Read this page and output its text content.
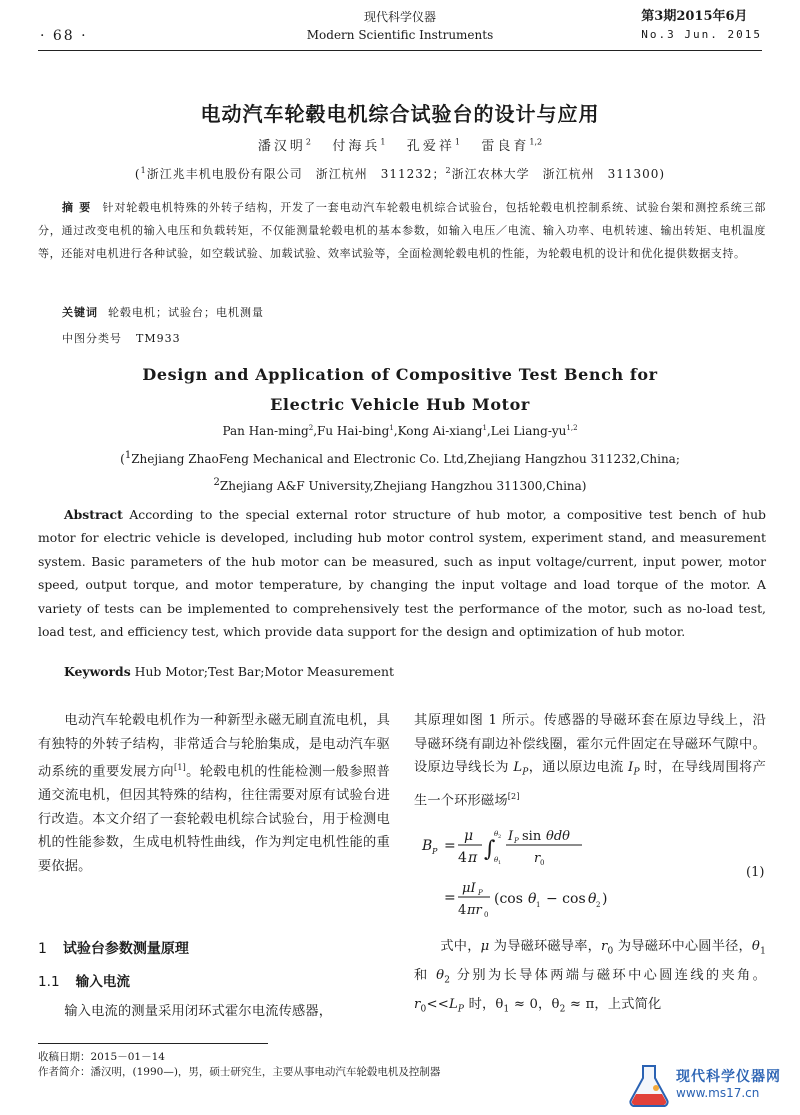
· 68 ·
现代科学仪器
Modern Scientific Instruments
第3期2015年6月
No.3 Jun. 2015
电动汽车轮毂电机综合试验台的设计与应用
潘汉明$^2$ 付海兵$^1$ 孔爱祥$^1$ 雷良育$^{1,2}$
($^1$浙江兆丰机电股份有限公司　浙江杭州　311232；$^2$浙江农林大学　浙江杭州　311300)
摘要 针对轮毂电机特殊的外转子结构，开发了一套电动汽车轮毂电机综合试验台，包括轮毂电机控制系统、试验台架和测控系统三部分，通过改变电机的输入电压和负载转矩，不仅能测量轮毂电机的基本参数，如输入电压／电流、输入功率、电机转速、输出转矩、电机温度等，还能对电机进行各种试验，如空载试验、加载试验、效率试验等，全面检测轮毂电机的性能，为轮毂电机的设计和优化提供数据支持。
关键词 轮毂电机；试验台；电机测量
中图分类号 TM933
Design and Application of Compositive Test Bench for
Electric Vehicle Hub Motor
Pan Han-ming$^2$,Fu Hai-bing$^1$,Kong Ai-xiang$^1$,Lei Liang-yu$^{1,2}$
($^1$Zhejiang ZhaoFeng Mechanical and Electronic Co. Ltd,Zhejiang Hangzhou 311232,China;
$^2$Zhejiang A&F University,Zhejiang Hangzhou 311300,China)
Abstract According to the special external rotor structure of hub motor, a compositive test bench of hub motor for electric vehicle is developed, including hub motor control system, experiment stand, and measurement system. Basic parameters of the hub motor can be measured, such as input voltage/current, input power, motor speed, output torque, and motor temperature, by changing the input voltage and load torque of the motor. A variety of tests can be implemented to comprehensively test the performance of the motor, such as no-load test, load test, and efficiency test, which provide data support for the design and optimization of hub motor.
Keywords Hub Motor;Test Bar;Motor Measurement
电动汽车轮毂电机作为一种新型永磁无刷直流电机，具有独特的外转子结构，非常适合与轮胎集成，是电动汽车驱动系统的重要发展方向[1]。轮毂电机的性能检测一般参照普通交流电机，但因其特殊的结构，往往需要对原有试验台进行改造。本文介绍了一套轮毂电机综合试验台，用于检测电机的性能参数，生成电机特性曲线，作为判定电机性能的重要依据。
1 试验台参数测量原理
1.1 输入电流
输入电流的测量采用闭环式霍尔电流传感器，
其原理如图 1 所示。传感器的导磁环套在原边导线上，沿导磁环绕有副边补偿线圈，霍尔元件固定在导磁环气隙中。设原边导线长为 $L_P$，通以原边电流 $I_P$ 时，在导线周围将产生一个环形磁场[2]
B P =
μ
4 π ∫
θ 2
θ 1
I P sin θdθ
r 0
(1)
=
μI P
4 πr 0
(cos θ 1 − cos θ 2 )
式中，μ 为导磁环磁导率，$r_0$ 为导磁环中心圆半径，$\theta_1$ 和 $\theta_2$ 分别为长导体两端与磁环中心圆连线的夹角。$r_0<<L_P$ 时，$\theta_1 \approx 0$，$\theta_2 \approx \pi$，上式简化
收稿日期：2015－01－14
作者简介：潘汉明，(1990—)，男，硕士研究生，主要从事电动汽车轮毂电机及控制器	现代科学仪器网
www.ms17.cn
